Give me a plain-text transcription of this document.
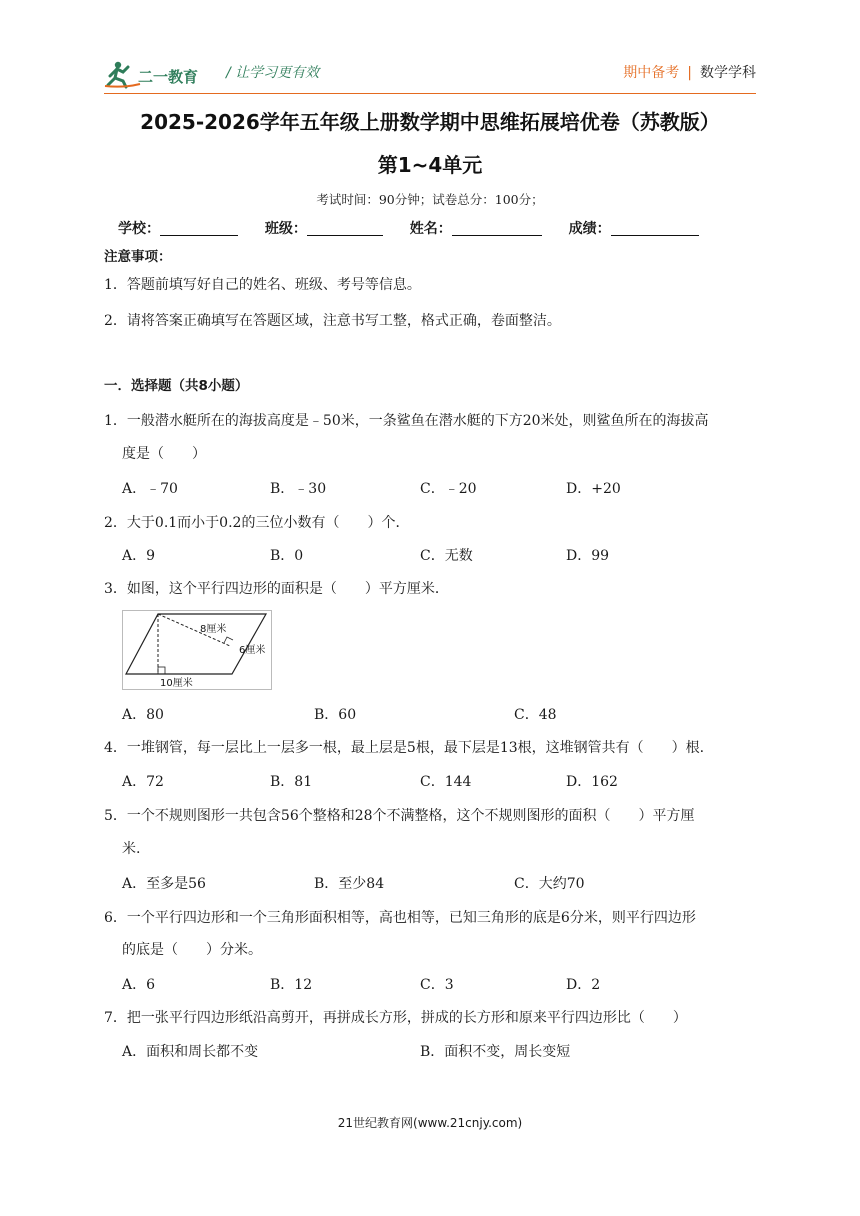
二一教育 / 让学习更有效	期中备考 | 数学学科
2025-2026学年五年级上册数学期中思维拓展培优卷（苏教版）
第1~4单元
考试时间：90分钟；试卷总分：100分；
学校：	班级：	姓名：	成绩：
注意事项：
1．答题前填写好自己的姓名、班级、考号等信息。
2．请将答案正确填写在答题区域，注意书写工整，格式正确，卷面整洁。
一．选择题（共8小题）
1．一般潜水艇所在的海拔高度是﹣50米，一条鲨鱼在潜水艇的下方20米处，则鲨鱼所在的海拔高
度是（　　）
A．﹣70	B．﹣30	C．﹣20	D．+20
2．大于0.1而小于0.2的三位小数有（　　）个．
A．9	B．0	C．无数	D．99
3．如图，这个平行四边形的面积是（　　）平方厘米．
8厘米
6厘米
10厘米
A．80	B．60	C．48
4．一堆钢管，每一层比上一层多一根，最上层是5根，最下层是13根，这堆钢管共有（　　）根.
A．72	B．81	C．144	D．162
5．一个不规则图形一共包含56个整格和28个不满整格，这个不规则图形的面积（　　）平方厘
米.
A．至多是56	B．至少84	C．大约70
6．一个平行四边形和一个三角形面积相等，高也相等，已知三角形的底是6分米，则平行四边形
的底是（　　）分米。
A．6	B．12	C．3	D．2
7．把一张平行四边形纸沿高剪开，再拼成长方形，拼成的长方形和原来平行四边形比（　　）
A．面积和周长都不变	B．面积不变，周长变短
21世纪教育网(www.21cnjy.com)
